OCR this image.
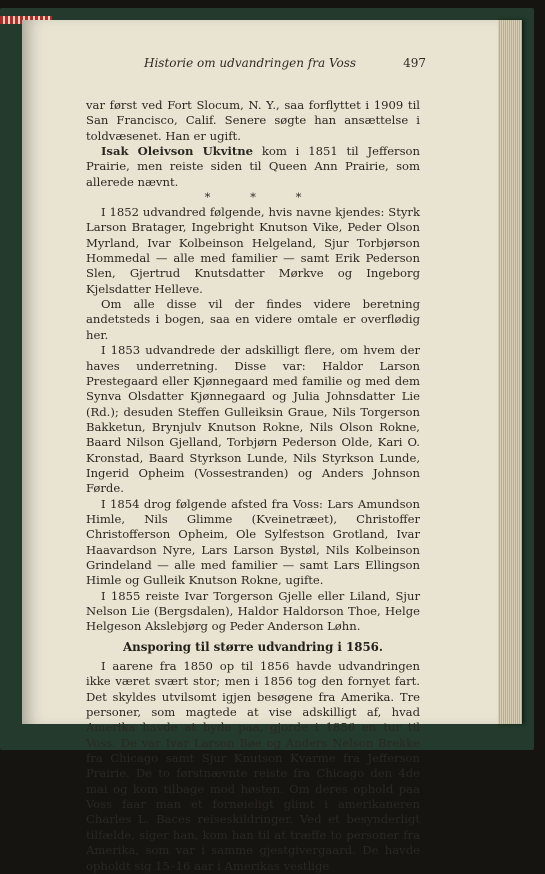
Historie om udvandringen fra Voss	497

var først ved Fort Slocum, N. Y., saa forflyttet i 1909 til San Francisco, Calif. Senere søgte han ansættelse i toldvæsenet. Han er ugift.

Isak Oleivson Ukvitne kom i 1851 til Jefferson Prairie, men reiste siden til Queen Ann Prairie, som allerede nævnt.

* * *

I 1852 udvandred følgende, hvis navne kjendes: Styrk Larson Bratager, Ingebright Knutson Vike, Peder Olson Myrland, Ivar Kolbeinson Helgeland, Sjur Torbjørson Hommedal — alle med familier — samt Erik Pederson Slen, Gjertrud Knutsdatter Mørkve og Ingeborg Kjelsdatter Helleve.

Om alle disse vil der findes videre beretning andetsteds i bogen, saa en videre omtale er overflødig her.

I 1853 udvandrede der adskilligt flere, om hvem der haves underretning. Disse var: Haldor Larson Prestegaard eller Kjønnegaard med familie og med dem Synva Olsdatter Kjønnegaard og Julia Johnsdatter Lie (Rd.); desuden Steffen Gulleiksin Graue, Nils Torgerson Bakketun, Brynjulv Knutson Rokne, Nils Olson Rokne, Baard Nilson Gjelland, Torbjørn Pederson Olde, Kari O. Kronstad, Baard Styrkson Lunde, Nils Styrkson Lunde, Ingerid Opheim (Vossestranden) og Anders Johnson Førde.

I 1854 drog følgende afsted fra Voss: Lars Amundson Himle, Nils Glimme (Kveinetræet), Christoffer Christofferson Opheim, Ole Sylfestson Grotland, Ivar Haavardson Nyre, Lars Larson Bystøl, Nils Kolbeinson Grindeland — alle med familier — samt Lars Ellingson Himle og Gulleik Knutson Rokne, ugifte.

I 1855 reiste Ivar Torgerson Gjelle eller Liland, Sjur Nelson Lie (Bergsdalen), Haldor Haldorson Thoe, Helge Helgeson Akslebjørg og Peder Anderson Løhn.

Ansporing til større udvandring i 1856.

I aarene fra 1850 op til 1856 havde udvandringen ikke været svært stor; men i 1856 tog den fornyet fart. Det skyldes utvilsomt igjen besøgene fra Amerika. Tre personer, som magtede at vise adskilligt af, hvad Amerika havde at byde paa, gjorde i 1856 en tur til Voss. De var Ivar Larson Bøe og Anders Nelson Brekke fra Chicago samt Sjur Knutson Kvarme fra Jefferson Prairie. De to førstnævnte reiste fra Chicago den 4de mai og kom tilbage mod høsten. Om deres ophold paa Voss faar man et fornøieligt glimt i amerikaneren Charles L. Baces reiseskildringer. Ved et besynderligt tilfælde, siger han, kom han til at træffe to personer fra Amerika, som var i samme gjestgivergaard. De havde opholdt sig 15–16 aar i Amerikas vestlige
